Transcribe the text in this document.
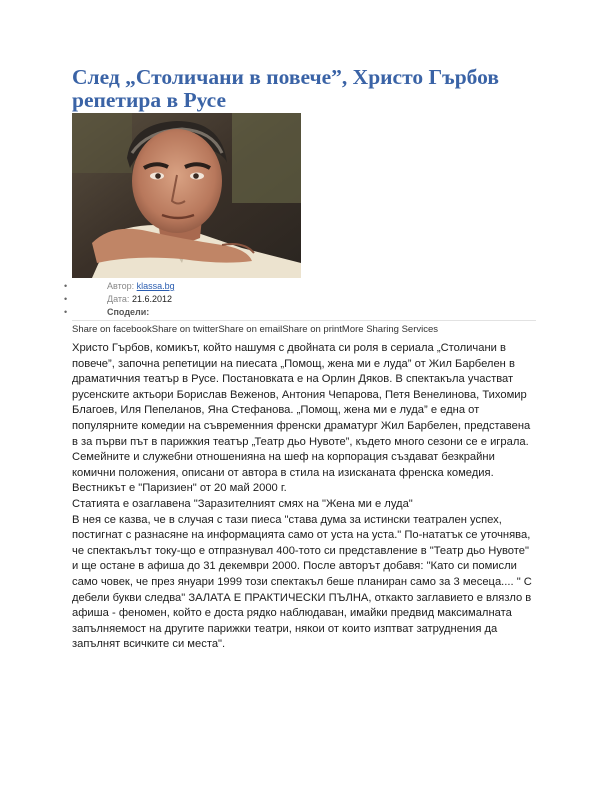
След „Столичани в повече”, Христо Гърбов репетира в Русе
•	Автор: klassa.bg
•	Дата: 21.6.2012
•	Сподели:
Share on facebookShare on twitterShare on emailShare on printMore Sharing Services

Христо Гърбов, комикът, който нашумя с двойната си роля в сериала „Столичани в повече”, започна репетиции на пиесата „Помощ, жена ми е луда” от Жил Барбелен в драматичния театър в Русе. Постановката е на Орлин Дяков. В спектакъла участват русенските актьори Борислав Веженов, Антония Чепарова, Петя Венелинова, Тихомир Благоев, Иля Пепеланов, Яна Стефанова. „Помощ, жена ми е луда” е една от популярните комедии на съвременния френски драматург Жил Барбелен, представена в за първи път в парижкия театър „Театр дьо Нувоте”, където много сезони се е играла. Семейните и служебни отношенияна на шеф на корпорация създават безкрайни комични положения, описани от автора в стила на изисканата френска комедия.

Вестникът е "Паризиен" от 20 май 2000 г.

Статията е озаглавена "Заразителният смях на "Жена ми е луда"

В нея се казва, че в случая с тази пиеса "става дума за истински театрален успех, постигнат с разнасяне на информацията само от уста на уста." По-нататък се уточнява, че спектакълът току-що е отпразнувал 400-тото си представление в "Театр дьо Нувоте" и ще остане в афиша до 31 декември 2000. После авторът добавя: "Като си помисли само човек, че през януари 1999 този спектакъл беше планиран само за 3 месеца.... " С дебели букви следва" ЗАЛАТА Е ПРАКТИЧЕСКИ ПЪЛНА, откакто заглавието е влязло в афиша - феномен, който е доста рядко наблюдаван, имайки предвид максималната запълняемост на другите парижки театри, някои от които изптват затруднения да запълнят всичките си места".
